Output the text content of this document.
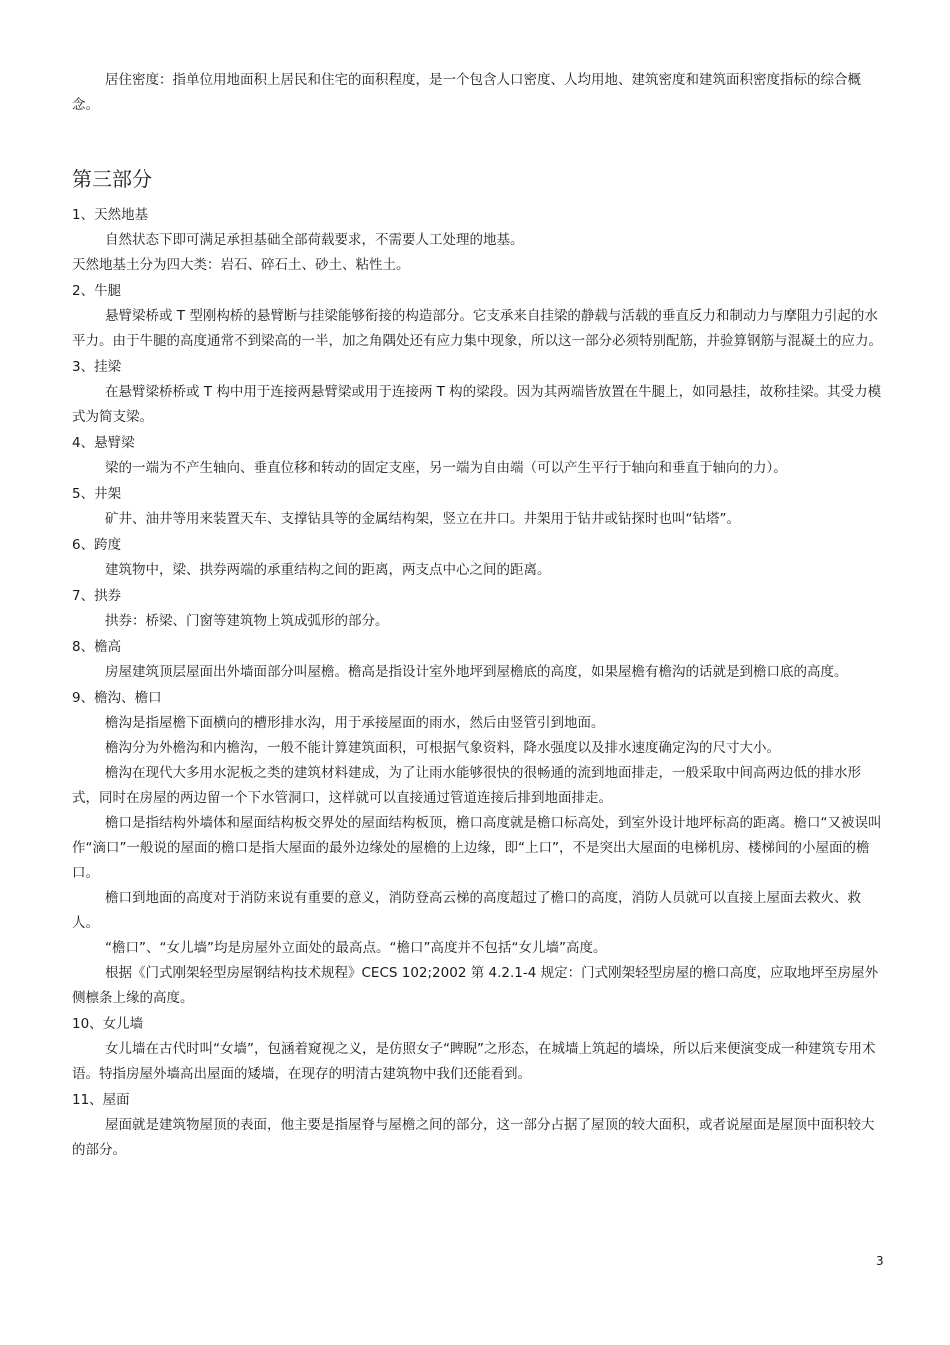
居住密度：指单位用地面积上居民和住宅的面积程度，是一个包含人口密度、人均用地、建筑密度和建筑面积密度指标的综合概念。

第三部分

1、天然地基

自然状态下即可满足承担基础全部荷载要求，不需要人工处理的地基。

天然地基土分为四大类：岩石、碎石土、砂土、粘性土。

2、牛腿

悬臂梁桥或 T 型刚构桥的悬臂断与挂梁能够衔接的构造部分。它支承来自挂梁的静载与活载的垂直反力和制动力与摩阻力引起的水平力。由于牛腿的高度通常不到梁高的一半，加之角隅处还有应力集中现象，所以这一部分必须特别配筋，并验算钢筋与混凝土的应力。

3、挂梁

在悬臂梁桥桥或 T 构中用于连接两悬臂梁或用于连接两 T 构的梁段。因为其两端皆放置在牛腿上，如同悬挂，故称挂梁。其受力模式为简支梁。

4、悬臂梁

梁的一端为不产生轴向、垂直位移和转动的固定支座，另一端为自由端（可以产生平行于轴向和垂直于轴向的力）。

5、井架

矿井、油井等用来装置天车、支撑钻具等的金属结构架，竖立在井口。井架用于钻井或钻探时也叫“钻塔”。

6、跨度

建筑物中，梁、拱券两端的承重结构之间的距离，两支点中心之间的距离。

7、拱券

拱券：桥梁、门窗等建筑物上筑成弧形的部分。

8、檐高

房屋建筑顶层屋面出外墙面部分叫屋檐。檐高是指设计室外地坪到屋檐底的高度，如果屋檐有檐沟的话就是到檐口底的高度。

9、檐沟、檐口

檐沟是指屋檐下面横向的槽形排水沟，用于承接屋面的雨水，然后由竖管引到地面。

檐沟分为外檐沟和内檐沟，一般不能计算建筑面积，可根据气象资料，降水强度以及排水速度确定沟的尺寸大小。

檐沟在现代大多用水泥板之类的建筑材料建成，为了让雨水能够很快的很畅通的流到地面排走，一般采取中间高两边低的排水形式，同时在房屋的两边留一个下水管洞口，这样就可以直接通过管道连接后排到地面排走。

檐口是指结构外墙体和屋面结构板交界处的屋面结构板顶，檐口高度就是檐口标高处，到室外设计地坪标高的距离。檐口“又被误叫作“滴口”一般说的屋面的檐口是指大屋面的最外边缘处的屋檐的上边缘，即“上口”，不是突出大屋面的电梯机房、楼梯间的小屋面的檐口。

檐口到地面的高度对于消防来说有重要的意义，消防登高云梯的高度超过了檐口的高度，消防人员就可以直接上屋面去救火、救人。

“檐口”、“女儿墙”均是房屋外立面处的最高点。“檐口”高度并不包括“女儿墙”高度。

根据《门式刚架轻型房屋钢结构技术规程》CECS 102;2002 第 4.2.1-4 规定：门式刚架轻型房屋的檐口高度，应取地坪至房屋外侧檩条上缘的高度。

10、女儿墙

女儿墙在古代时叫“女墙”，包涵着窥视之义，是仿照女子“睥睨”之形态，在城墙上筑起的墙垛，所以后来便演变成一种建筑专用术语。特指房屋外墙高出屋面的矮墙，在现存的明清古建筑物中我们还能看到。

11、屋面

屋面就是建筑物屋顶的表面，他主要是指屋脊与屋檐之间的部分，这一部分占据了屋顶的较大面积，或者说屋面是屋顶中面积较大的部分。

3
